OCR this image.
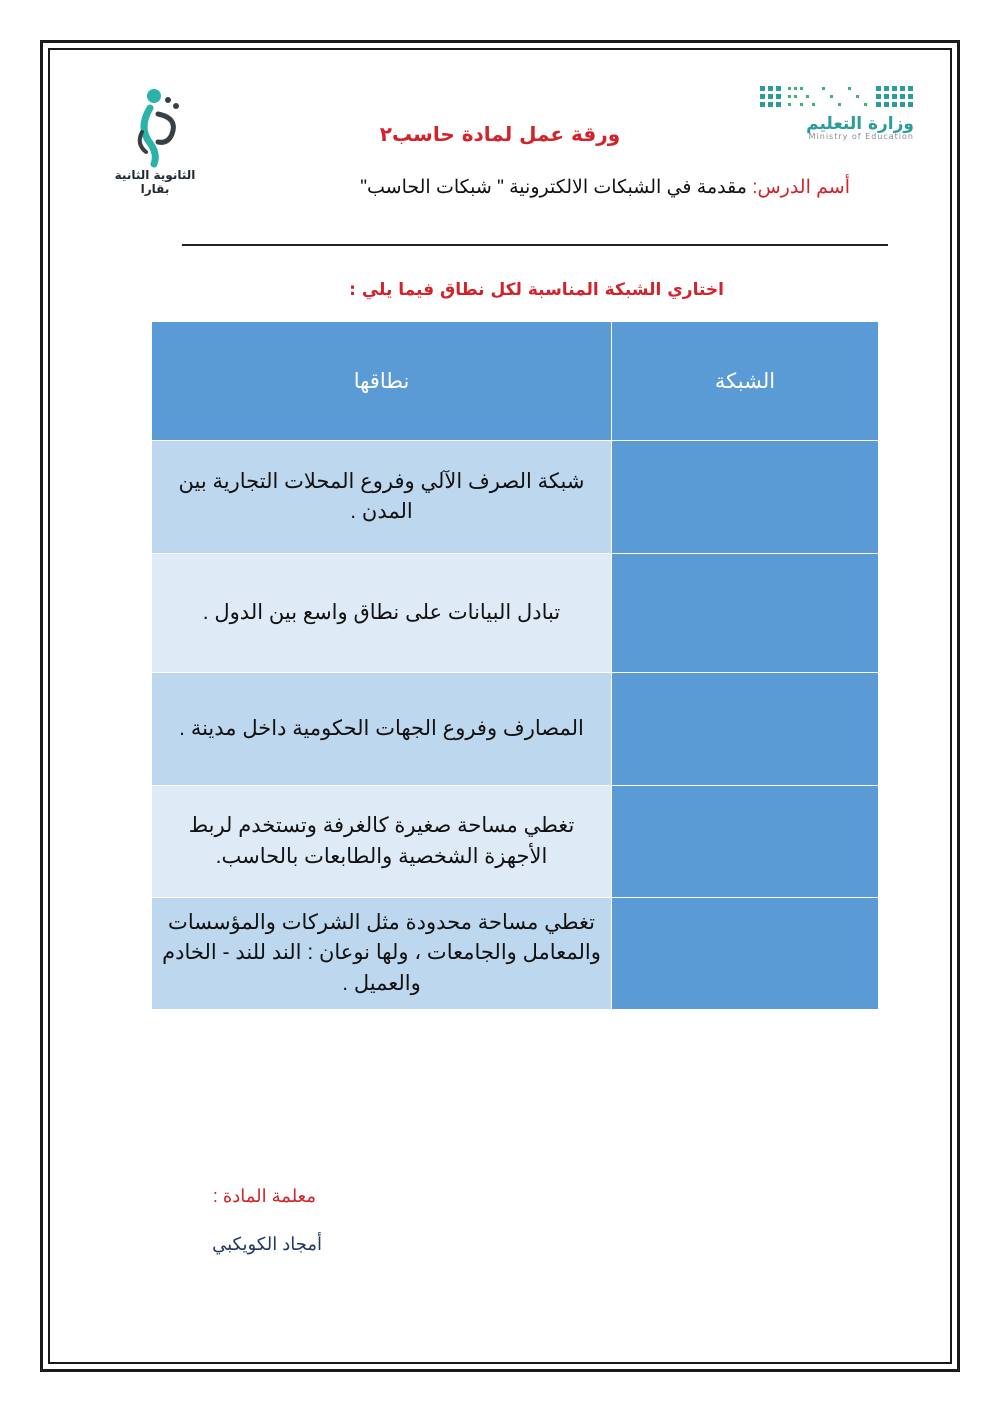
الثانوية الثانية بقارا
وزارة التعليم
Ministry of Education
ورقة عمل لمادة حاسب٢
أسم الدرس: مقدمة في الشبكات الالكترونية " شبكات الحاسب"
اختاري الشبكة المناسبة لكل نطاق فيما يلي :
الشبكة	نطاقها
	شبكة الصرف الآلي وفروع المحلات التجارية بين المدن .
	تبادل البيانات على نطاق واسع بين الدول .
	المصارف وفروع الجهات الحكومية داخل مدينة .
	تغطي مساحة صغيرة كالغرفة وتستخدم لربط الأجهزة الشخصية والطابعات بالحاسب.
	تغطي مساحة محدودة مثل الشركات والمؤسسات والمعامل والجامعات ، ولها نوعان : الند للند - الخادم والعميل .
معلمة المادة :
أمجاد الكويكبي
